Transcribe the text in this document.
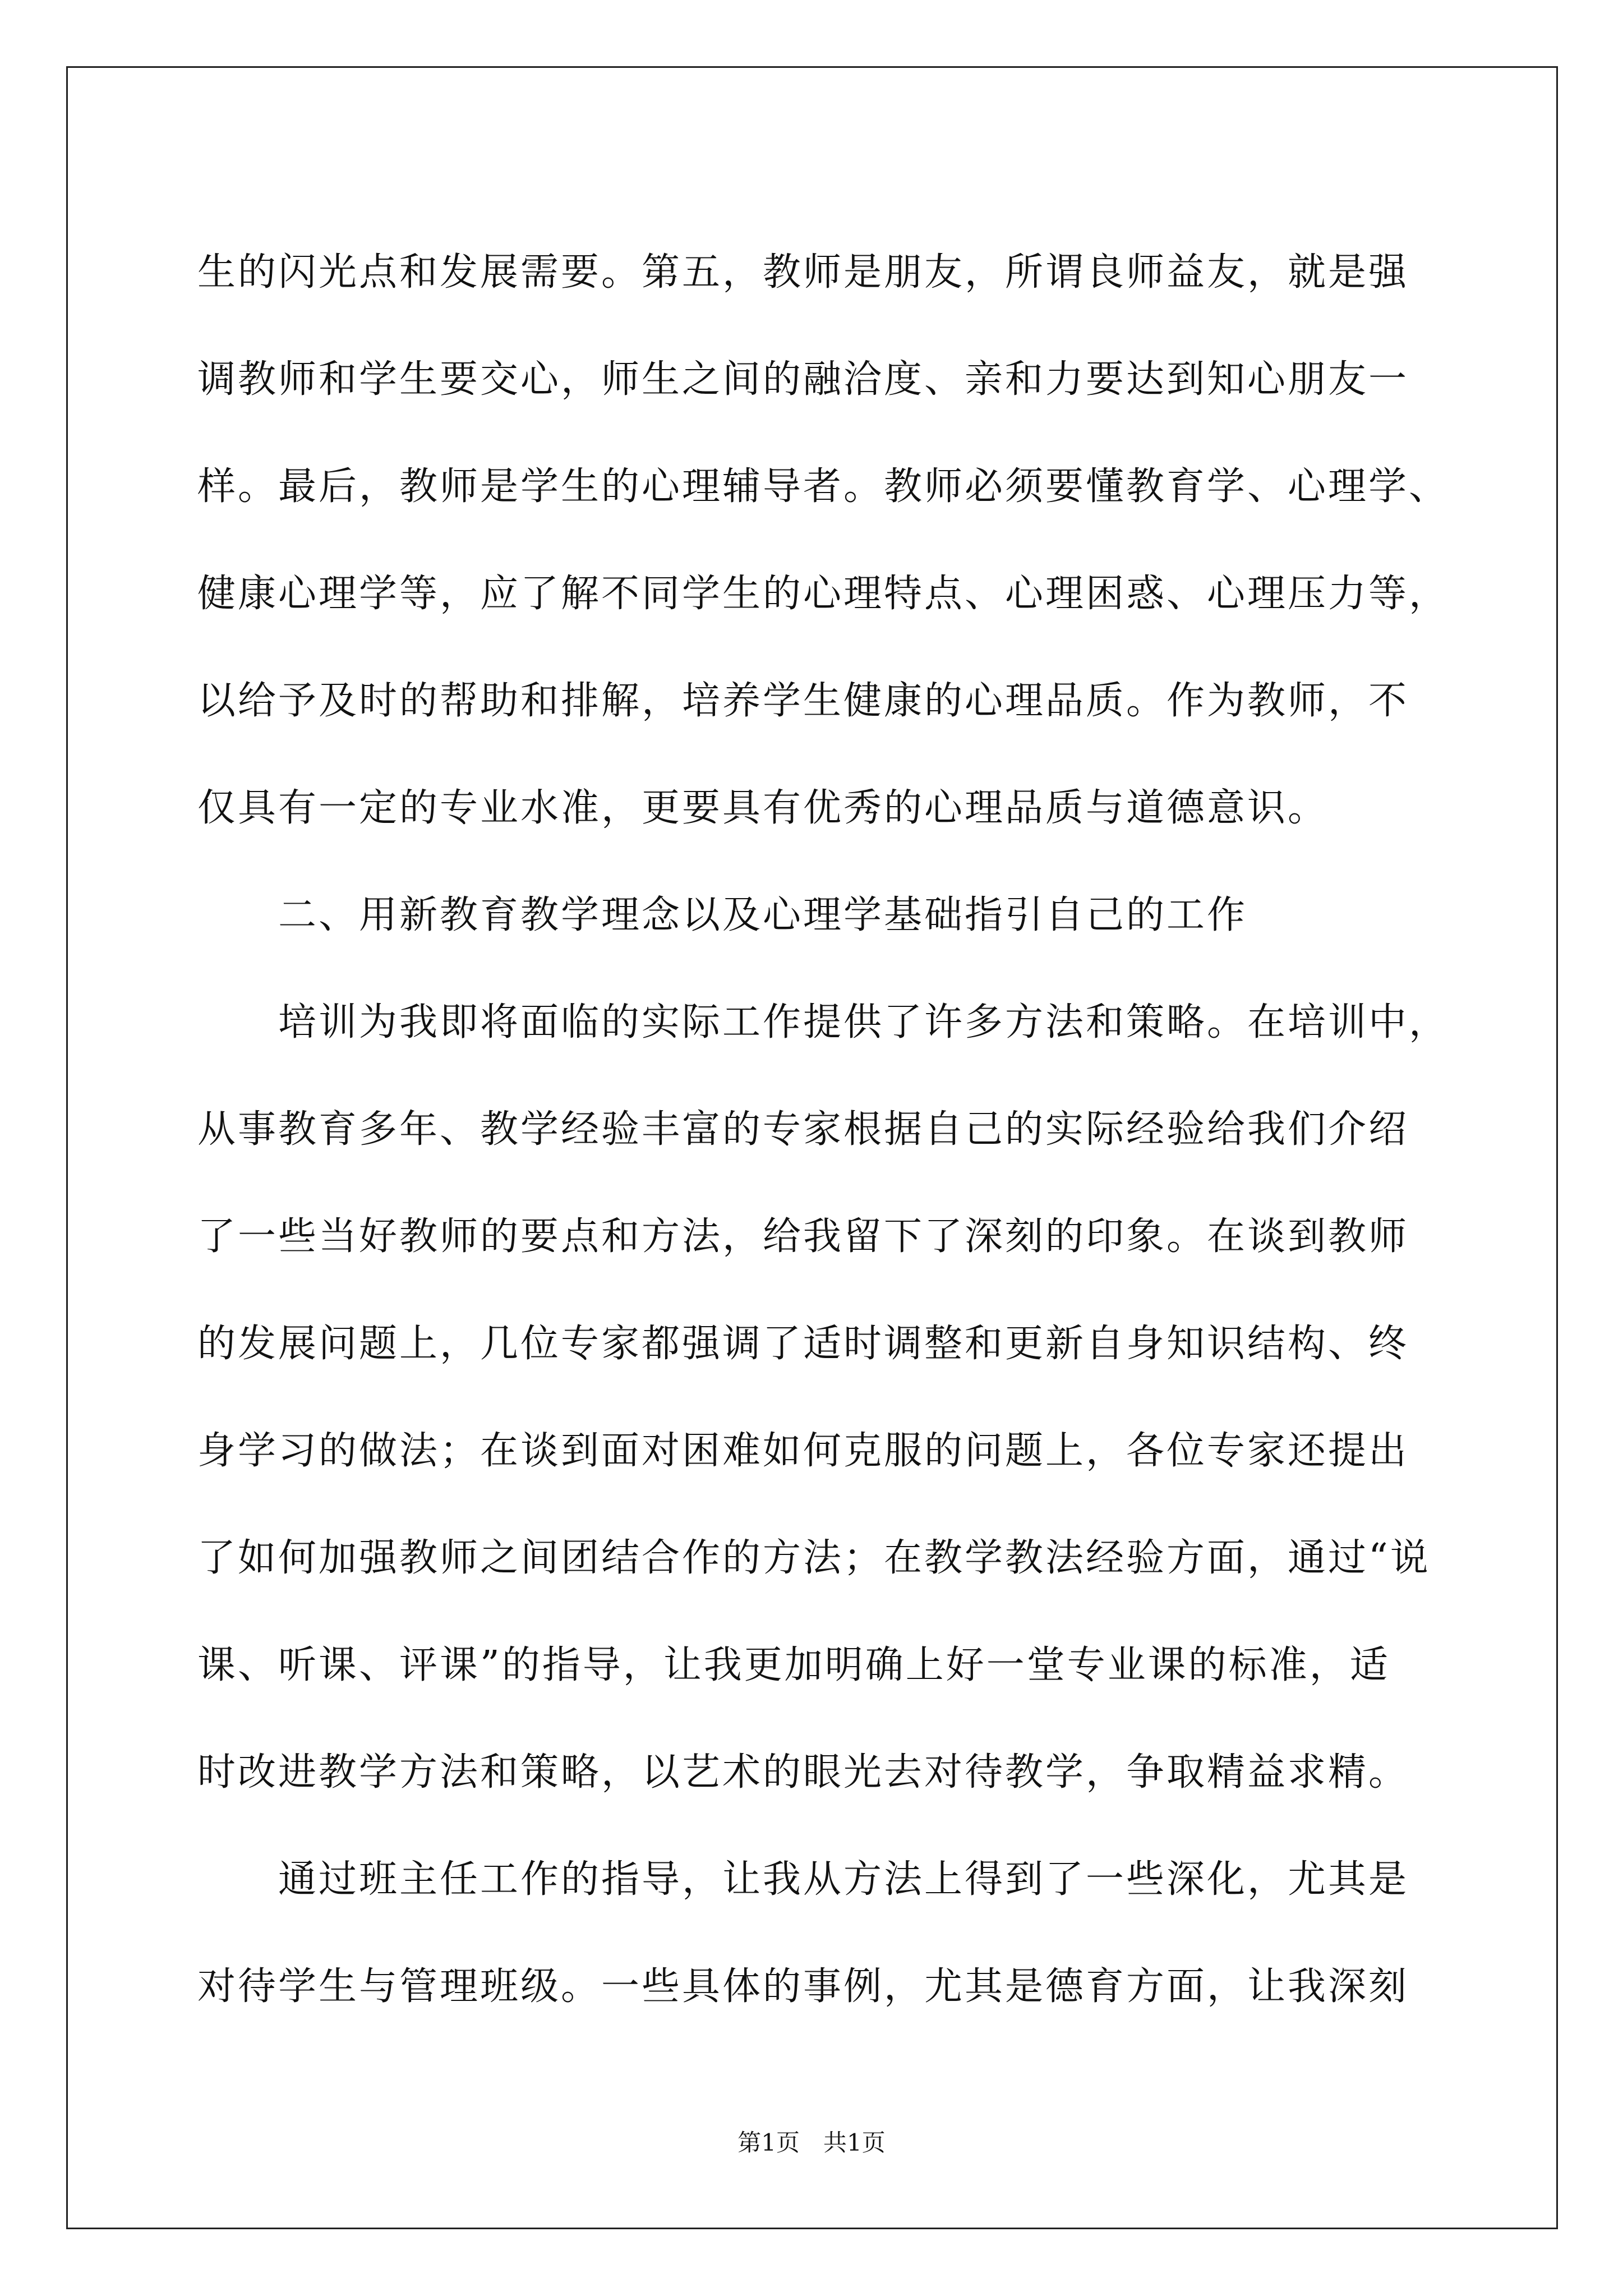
生的闪光点和发展需要。第五，教师是朋友，所谓良师益友，就是强
调教师和学生要交心，师生之间的融洽度、亲和力要达到知心朋友一
样。最后，教师是学生的心理辅导者。教师必须要懂教育学、心理学、
健康心理学等，应了解不同学生的心理特点、心理困惑、心理压力等，
以给予及时的帮助和排解，培养学生健康的心理品质。作为教师，不
仅具有一定的专业水准，更要具有优秀的心理品质与道德意识。
　　二、用新教育教学理念以及心理学基础指引自己的工作
　　培训为我即将面临的实际工作提供了许多方法和策略。在培训中，
从事教育多年、教学经验丰富的专家根据自己的实际经验给我们介绍
了一些当好教师的要点和方法，给我留下了深刻的印象。在谈到教师
的发展问题上，几位专家都强调了适时调整和更新自身知识结构、终
身学习的做法；在谈到面对困难如何克服的问题上，各位专家还提出
了如何加强教师之间团结合作的方法；在教学教法经验方面，通过“说
课、听课、评课”的指导，让我更加明确上好一堂专业课的标准，适
时改进教学方法和策略，以艺术的眼光去对待教学，争取精益求精。
　　通过班主任工作的指导，让我从方法上得到了一些深化，尤其是
对待学生与管理班级。一些具体的事例，尤其是德育方面，让我深刻
第1页　共1页
